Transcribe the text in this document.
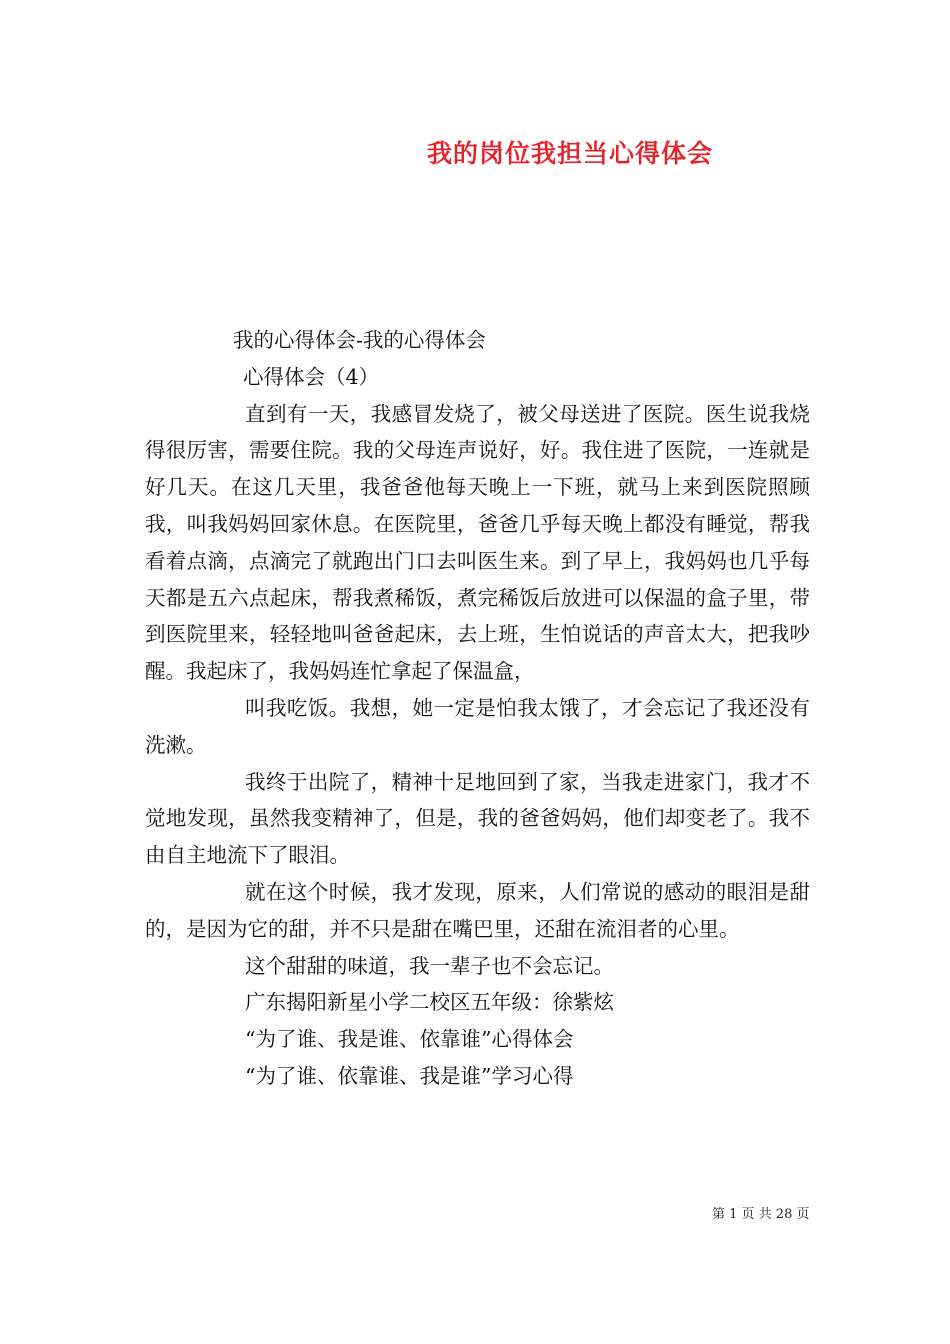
我的岗位我担当心得体会

我的心得体会-我的心得体会

心得体会（4）

直到有一天，我感冒发烧了，被父母送进了医院。医生说我烧得很厉害，需要住院。我的父母连声说好，好。我住进了医院，一连就是好几天。在这几天里，我爸爸他每天晚上一下班，就马上来到医院照顾我，叫我妈妈回家休息。在医院里，爸爸几乎每天晚上都没有睡觉，帮我看着点滴，点滴完了就跑出门口去叫医生来。到了早上，我妈妈也几乎每天都是五六点起床，帮我煮稀饭，煮完稀饭后放进可以保温的盒子里，带到医院里来，轻轻地叫爸爸起床，去上班，生怕说话的声音太大，把我吵醒。我起床了，我妈妈连忙拿起了保温盒，

叫我吃饭。我想，她一定是怕我太饿了，才会忘记了我还没有洗漱。

我终于出院了，精神十足地回到了家，当我走进家门，我才不觉地发现，虽然我变精神了，但是，我的爸爸妈妈，他们却变老了。我不由自主地流下了眼泪。

就在这个时候，我才发现，原来，人们常说的感动的眼泪是甜的，是因为它的甜，并不只是甜在嘴巴里，还甜在流泪者的心里。

这个甜甜的味道，我一辈子也不会忘记。

广东揭阳新星小学二校区五年级：徐紫炫

“为了谁、我是谁、依靠谁”心得体会

“为了谁、依靠谁、我是谁”学习心得

第 1 页 共 28 页
